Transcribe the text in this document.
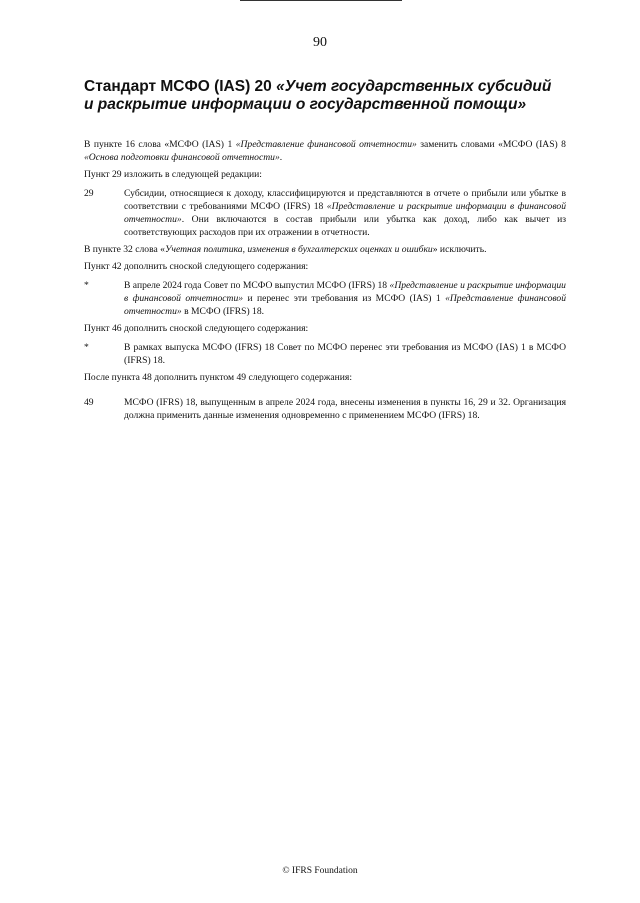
90
Стандарт МСФО (IAS) 20 «Учет государственных субсидий и раскрытие информации о государственной помощи»

В пункте 16 слова «МСФО (IAS) 1 «Представление финансовой отчетности» заменить словами «МСФО (IAS) 8 «Основа подготовки финансовой отчетности».

Пункт 29 изложить в следующей редакции:

29	Субсидии, относящиеся к доходу, классифицируются и представляются в отчете о прибыли или убытке в соответствии с требованиями МСФО (IFRS) 18 «Представление и раскрытие информации в финансовой отчетности». Они включаются в состав прибыли или убытка как доход, либо как вычет из соответствующих расходов при их отражении в отчетности.

В пункте 32 слова «Учетная политика, изменения в бухгалтерских оценках и ошибки» исключить.

Пункт 42 дополнить сноской следующего содержания:

*	В апреле 2024 года Совет по МСФО выпустил МСФО (IFRS) 18 «Представление и раскрытие информации в финансовой отчетности» и перенес эти требования из МСФО (IAS) 1 «Представление финансовой отчетности» в МСФО (IFRS) 18.

Пункт 46 дополнить сноской следующего содержания:

*	В рамках выпуска МСФО (IFRS) 18 Совет по МСФО перенес эти требования из МСФО (IAS) 1 в МСФО (IFRS) 18.

После пункта 48 дополнить пунктом 49 следующего содержания:

49	МСФО (IFRS) 18, выпущенным в апреле 2024 года, внесены изменения в пункты 16, 29 и 32. Организация должна применить данные изменения одновременно с применением МСФО (IFRS) 18.

© IFRS Foundation
